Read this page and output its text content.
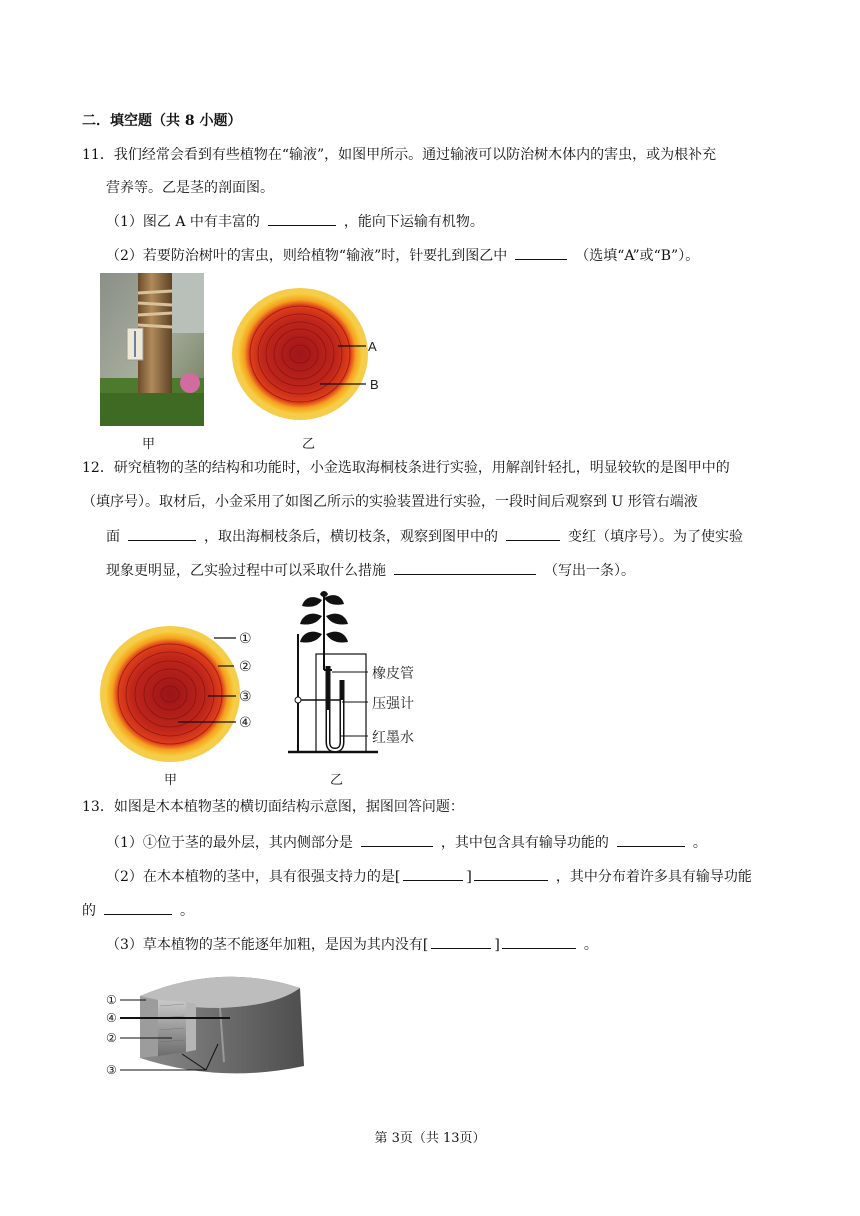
二．填空题（共 8 小题）
11．我们经常会看到有些植物在“输液”，如图甲所示。通过输液可以防治树木体内的害虫，或为根补充
营养等。乙是茎的剖面图。
（1）图乙 A 中有丰富的	，能向下运输有机物。
（2）若要防治树叶的害虫，则给植物“输液”时，针要扎到图乙中	（选填“A”或“B”）。
甲
A
B
乙
12．研究植物的茎的结构和功能时，小金选取海桐枝条进行实验，用解剖针轻扎，明显较软的是图甲中的
（填序号）。取材后，小金采用了如图乙所示的实验装置进行实验，一段时间后观察到 U 形管右端液
面	，取出海桐枝条后，横切枝条，观察到图甲中的	变红（填序号）。为了使实验
现象更明显，乙实验过程中可以采取什么措施	（写出一条）。
①
②
③
④
甲
橡皮管
压强计
红墨水
乙
13．如图是木本植物茎的横切面结构示意图，据图回答问题：
（1）①位于茎的最外层，其内侧部分是	，其中包含具有输导功能的	。
（2）在木本植物的茎中，具有很强支持力的是[	]	，其中分布着许多具有输导功能
的	。
（3）草本植物的茎不能逐年加粗，是因为其内没有[	]	。
①
④
②
③
第 3页（共 13页）
